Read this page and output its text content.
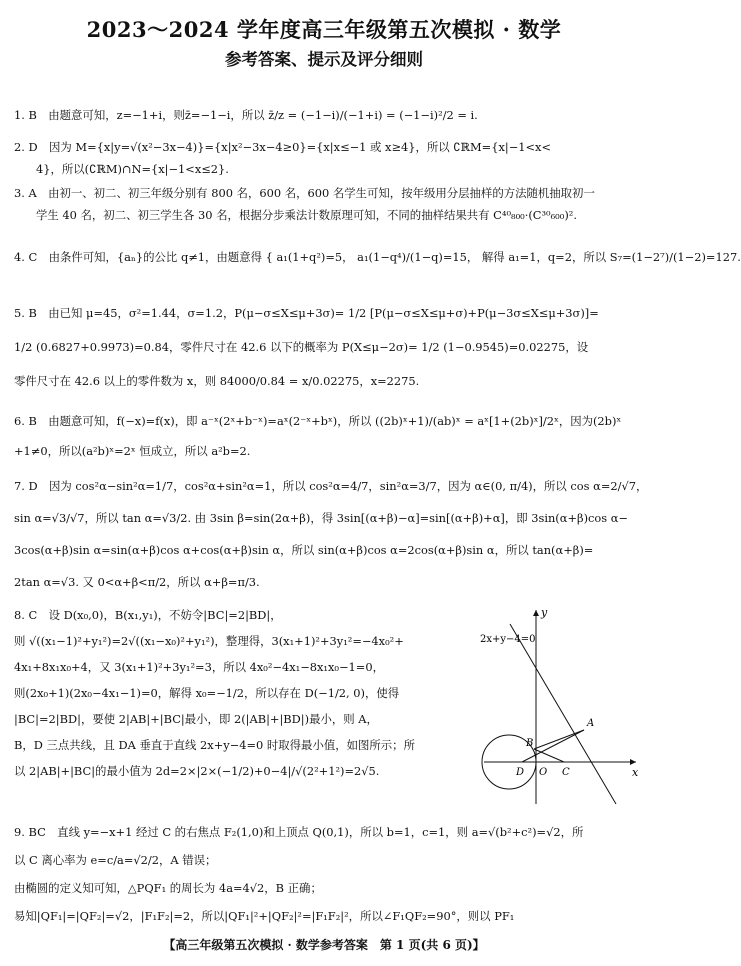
2023～2024 学年度高三年级第五次模拟 · 数学
参考答案、提示及评分细则
1. B　由题意可知，z=−1+i，则z̄=−1−i，所以 z̄/z = (−1−i)/(−1+i) = (−1−i)²/2 = i.
2. D　因为 M={x|y=√(x²−3x−4)}={x|x²−3x−4≥0}={x|x≤−1 或 x≥4}，所以 ∁ℝM={x|−1<x<
4}，所以(∁ℝM)∩N={x|−1<x≤2}.
3. A　由初一、初二、初三年级分别有 800 名，600 名，600 名学生可知，按年级用分层抽样的方法随机抽取初一
学生 40 名，初二、初三学生各 30 名，根据分步乘法计数原理可知，不同的抽样结果共有 C⁴⁰₈₀₀·(C³⁰₆₀₀)².
4. C　由条件可知，{aₙ}的公比 q≠1，由题意得 { a₁(1+q²)=5， a₁(1−q⁴)/(1−q)=15， 解得 a₁=1，q=2，所以 S₇=(1−2⁷)/(1−2)=127.
5. B　由已知 μ=45，σ²=1.44，σ=1.2，P(μ−σ≤X≤μ+3σ)= 1/2 [P(μ−σ≤X≤μ+σ)+P(μ−3σ≤X≤μ+3σ)]=
1/2 (0.6827+0.9973)=0.84，零件尺寸在 42.6 以下的概率为 P(X≤μ−2σ)= 1/2 (1−0.9545)=0.02275，设
零件尺寸在 42.6 以上的零件数为 x，则 84000/0.84 = x/0.02275，x=2275.
6. B　由题意可知，f(−x)=f(x)，即 a⁻ˣ(2ˣ+b⁻ˣ)=aˣ(2⁻ˣ+bˣ)，所以 ((2b)ˣ+1)/(ab)ˣ = aˣ[1+(2b)ˣ]/2ˣ，因为(2b)ˣ
+1≠0，所以(a²b)ˣ=2ˣ 恒成立，所以 a²b=2.
7. D　因为 cos²α−sin²α=1/7，cos²α+sin²α=1，所以 cos²α=4/7，sin²α=3/7，因为 α∈(0, π/4)，所以 cos α=2/√7，
sin α=√3/√7，所以 tan α=√3/2. 由 3sin β=sin(2α+β)，得 3sin[(α+β)−α]=sin[(α+β)+α]，即 3sin(α+β)cos α−
3cos(α+β)sin α=sin(α+β)cos α+cos(α+β)sin α，所以 sin(α+β)cos α=2cos(α+β)sin α，所以 tan(α+β)=
2tan α=√3. 又 0<α+β<π/2，所以 α+β=π/3.
8. C　设 D(x₀,0)，B(x₁,y₁)，不妨令|BC|=2|BD|，
则 √((x₁−1)²+y₁²)=2√((x₁−x₀)²+y₁²)，整理得，3(x₁+1)²+3y₁²=−4x₀²+
4x₁+8x₁x₀+4，又 3(x₁+1)²+3y₁²=3，所以 4x₀²−4x₁−8x₁x₀−1=0，
则(2x₀+1)(2x₀−4x₁−1)=0，解得 x₀=−1/2，所以存在 D(−1/2, 0)，使得
|BC|=2|BD|，要使 2|AB|+|BC|最小，即 2(|AB|+|BD|)最小，则 A，
B，D 三点共线，且 DA 垂直于直线 2x+y−4=0 时取得最小值，如图所示；所
以 2|AB|+|BC|的最小值为 2d=2×|2×(−1/2)+0−4|/√(2²+1²)=2√5.
2x+y−4=0
x
y
A
B
D O C
9. BC　直线 y=−x+1 经过 C 的右焦点 F₂(1,0)和上顶点 Q(0,1)，所以 b=1，c=1，则 a=√(b²+c²)=√2，所
以 C 离心率为 e=c/a=√2/2，A 错误；
由椭圆的定义知可知，△PQF₁ 的周长为 4a=4√2，B 正确；
易知|QF₁|=|QF₂|=√2，|F₁F₂|=2，所以|QF₁|²+|QF₂|²=|F₁F₂|²，所以∠F₁QF₂=90°，则以 PF₁
【高三年级第五次模拟 · 数学参考答案　第 1 页(共 6 页)】
